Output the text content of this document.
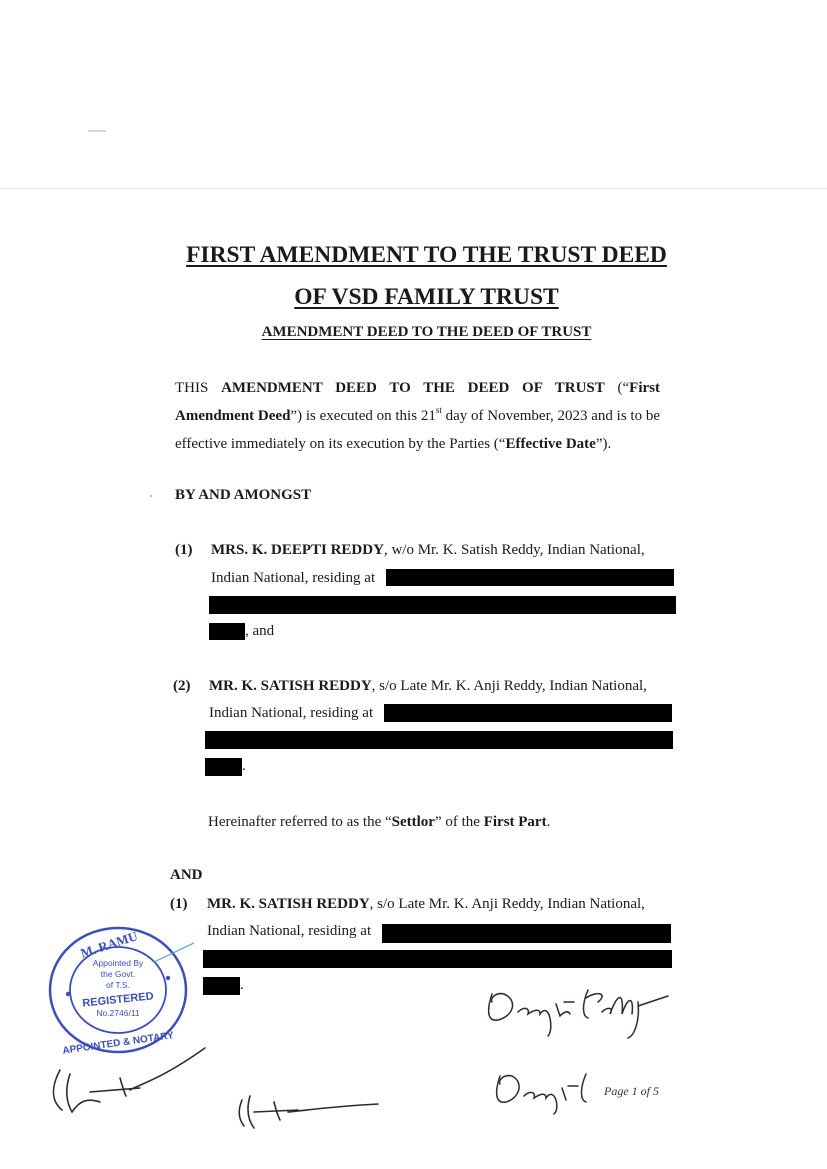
FIRST AMENDMENT TO THE TRUST DEED
OF VSD FAMILY TRUST
AMENDMENT DEED TO THE DEED OF TRUST
THIS AMENDMENT DEED TO THE DEED OF TRUST (“First Amendment Deed”) is executed on this 21st day of November, 2023 and is to be effective immediately on its execution by the Parties (“Effective Date”).
BY AND AMONGST
(1) MRS. K. DEEPTI REDDY, w/o Mr. K. Satish Reddy, Indian National,
Indian National, residing at
, and
(2) MR. K. SATISH REDDY, s/o Late Mr. K. Anji Reddy, Indian National,
Indian National, residing at
.
Hereinafter referred to as the “Settlor” of the First Part.
AND
(1) MR. K. SATISH REDDY, s/o Late Mr. K. Anji Reddy, Indian National,
Indian National, residing at
.
M. RAMU
Appointed By
the Govt.
of T.S.
REGISTERED
No.2746/11
APPOINTED & NOTARY
Page 1 of 5
